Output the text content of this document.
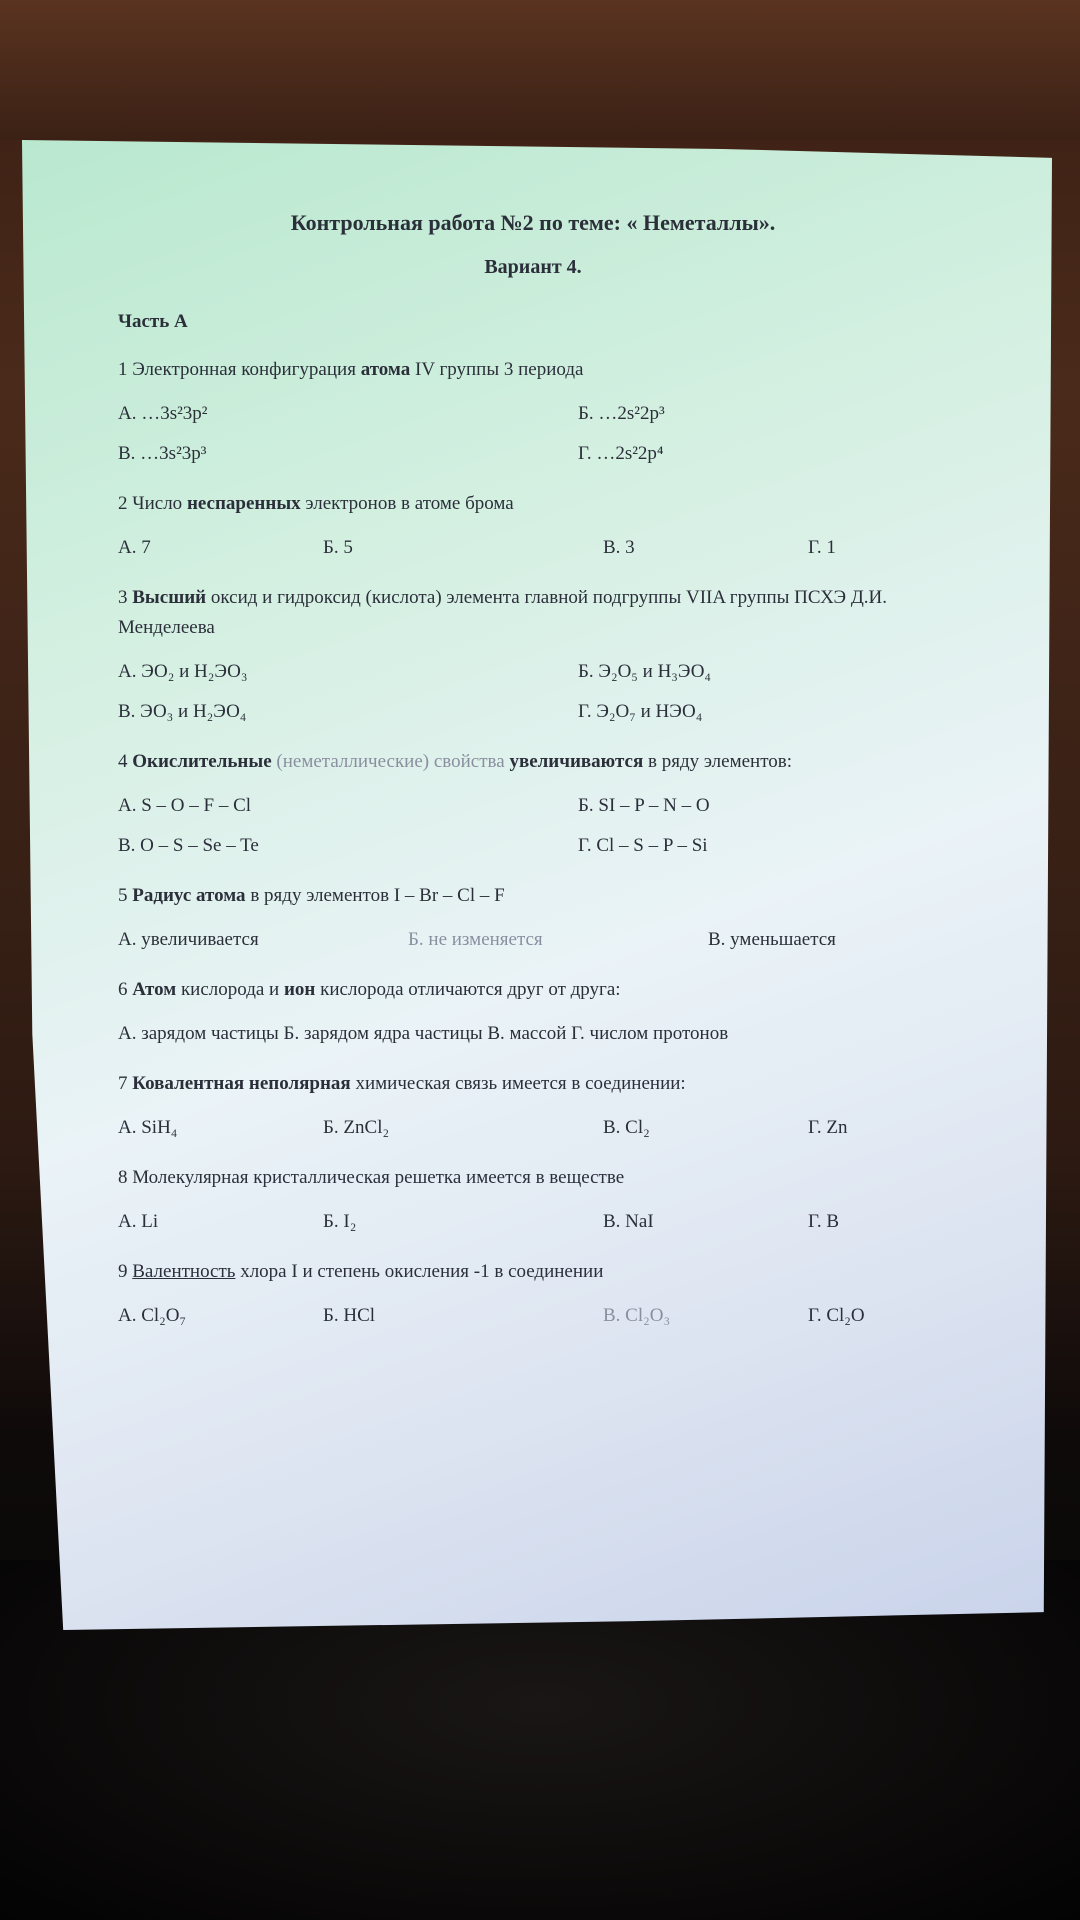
Контрольная работа №2 по теме: « Неметаллы».
Вариант 4.
Часть А
1 Электронная конфигурация атома IV группы 3 периода
А. …3s²3p²	Б. …2s²2p³
В. …3s²3p³	Г. …2s²2p⁴
2 Число неспаренных электронов в атоме брома
А. 7	Б. 5	В. 3	Г. 1
3 Высший оксид и гидроксид (кислота) элемента главной подгруппы VIIA группы ПСХЭ Д.И. Менделеева
А. ЭО₂ и Н₂ЭО₃	Б. Э₂О₅ и Н₃ЭО₄
В. ЭО₃ и Н₂ЭО₄	Г. Э₂О₇ и НЭО₄
4 Окислительные (неметаллические) свойства увеличиваются в ряду элементов:
А. S – O – F – Cl	Б. SI – P – N – O
В. O – S – Se – Te	Г. Cl – S – P – Si
5 Радиус атома в ряду элементов I – Br – Cl – F
А. увеличивается	Б. не изменяется	В. уменьшается
6 Атом кислорода и ион кислорода отличаются друг от друга:
А. зарядом частицы Б. зарядом ядра частицы В. массой Г. числом протонов
7 Ковалентная неполярная химическая связь имеется в соединении:
А. SiH₄	Б. ZnCl₂	В. Cl₂	Г. Zn
8 Молекулярная кристаллическая решетка имеется в веществе
А. Li	Б. I₂	В. NaI	Г. B
9 Валентность хлора I и степень окисления -1 в соединении
А. Cl₂O₇	Б. HCl	В. Cl₂O₃	Г. Cl₂O
